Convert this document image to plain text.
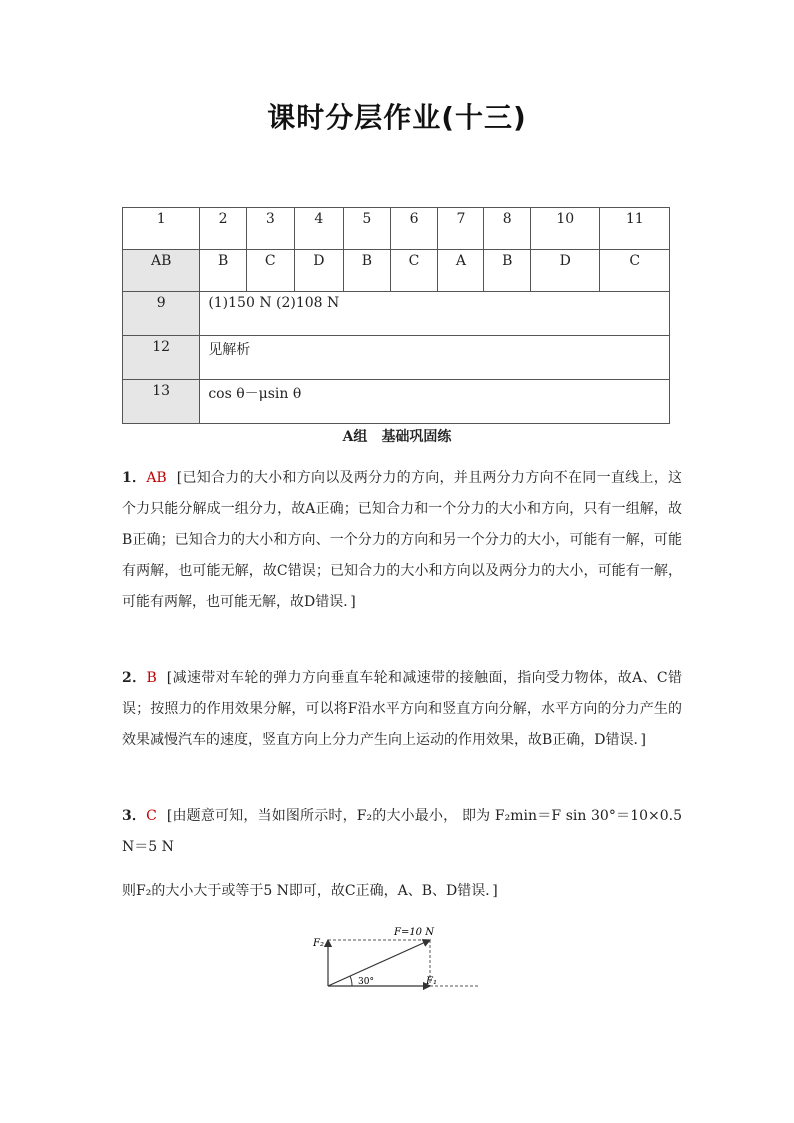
课时分层作业(十三)
1	2	3	4	5	6	7	8	10	11
AB	B	C	D	B	C	A	B	D	C
9	(1)150 N (2)108 N								
12	见解析								
13	cos θ－μsin θ								
A组 基础巩固练
1．AB [已知合力的大小和方向以及两分力的方向，并且两分力方向不在同一直线上，这个力只能分解成一组分力，故A正确；已知合力和一个分力的大小和方向，只有一组解，故B正确；已知合力的大小和方向、一个分力的方向和另一个分力的大小，可能有一解，可能有两解，也可能无解，故C错误；已知合力的大小和方向以及两分力的大小，可能有一解，可能有两解，也可能无解，故D错误．]
2．B [减速带对车轮的弹力方向垂直车轮和减速带的接触面，指向受力物体，故A、C错误；按照力的作用效果分解，可以将F沿水平方向和竖直方向分解，水平方向的分力产生的效果减慢汽车的速度，竖直方向上分力产生向上运动的作用效果，故B正确，D错误．]
3．C [由题意可知，当如图所示时，F₂的大小最小， 即为 F₂min＝F sin 30°＝10×0.5 N＝5 N
则F₂的大小大于或等于5 N即可，故C正确，A、B、D错误．]
F=10 N
F₂
F₁
30°
